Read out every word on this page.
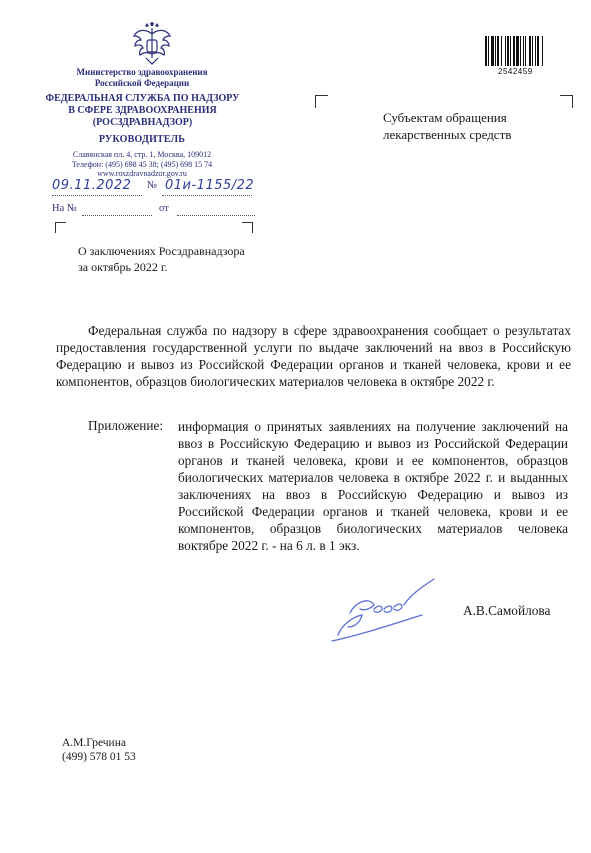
Министерство здравоохранения
Российской Федерации
ФЕДЕРАЛЬНАЯ СЛУЖБА ПО НАДЗОРУ
В СФЕРЕ ЗДРАВООХРАНЕНИЯ
(РОСЗДРАВНАДЗОР)
РУКОВОДИТЕЛЬ
Славянская пл. 4, стр. 1, Москва, 109012
Телефон: (495) 698 45 38; (495) 698 15 74
www.roszdravnadzor.gov.ru
09.11.2022 № 01и-1155/22
На №	от
2542459
Субъектам обращения
лекарственных средств
О заключениях Росздравнадзора
за октябрь 2022 г.
Федеральная служба по надзору в сфере здравоохранения сообщает о результатах предоставления государственной услуги по выдаче заключений на ввоз в Российскую Федерацию и вывоз из Российской Федерации органов и тканей человека, крови и ее компонентов, образцов биологических материалов человека в октябре 2022 г.
Приложение: информация о принятых заявлениях на получение заключений на ввоз в Российскую Федерацию и вывоз из Российской Федерации органов и тканей человека, крови и ее компонентов, образцов биологических материалов человека в октябре 2022 г. и выданных заключениях на ввоз в Российскую Федерацию и вывоз из Российской Федерации органов и тканей человека, крови и ее компонентов, образцов биологических материалов человека воктябре 2022 г. - на 6 л. в 1 экз.
А.В.Самойлова
А.М.Гречина
(499) 578 01 53
